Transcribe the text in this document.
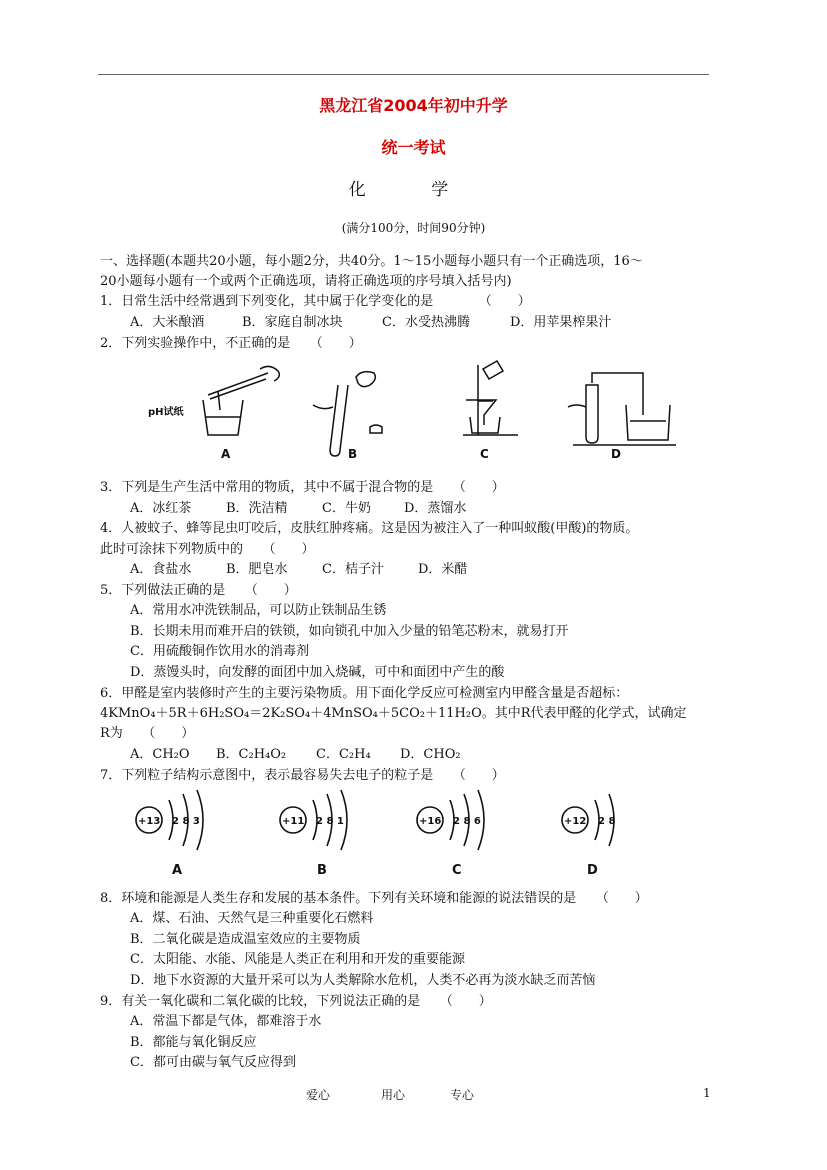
黑龙江省2004年初中升学
统一考试
化 学
(满分100分，时间90分钟)
一、选择题(本题共20小题，每小题2分，共40分。1～15小题每小题只有一个正确选项，16～
20小题每小题有一个或两个正确选项，请将正确选项的序号填入括号内)
1．日常生活中经常遇到下列变化，其中属于化学变化的是　　　　（　　）
A．大米酿酒	B．家庭自制冰块	C．水受热沸腾	D．用苹果榨果汁
2．下列实验操作中，不正确的是　　（　　）
pH试纸
A	B	C	D
3．下列是生产生活中常用的物质，其中不属于混合物的是　　（　　）
A．冰红茶	B．洗洁精	C．牛奶	D．蒸馏水
4．人被蚊子、蜂等昆虫叮咬后，皮肤红肿疼痛。这是因为被注入了一种叫蚁酸(甲酸)的物质。
此时可涂抹下列物质中的　　（　　）
A．食盐水	B．肥皂水	C．桔子汁	D．米醋
5．下列做法正确的是　　（　　）
A．常用水冲洗铁制品，可以防止铁制品生锈
B．长期未用而难开启的铁锁，如向锁孔中加入少量的铅笔芯粉末，就易打开
C．用硫酸铜作饮用水的消毒剂
D．蒸馒头时，向发酵的面团中加入烧碱，可中和面团中产生的酸
6．甲醛是室内装修时产生的主要污染物质。用下面化学反应可检测室内甲醛含量是否超标：
4KMnO₄＋5R＋6H₂SO₄＝2K₂SO₄＋4MnSO₄＋5CO₂＋11H₂O。其中R代表甲醛的化学式，试确定
R为　　（　　）
A．CH₂O B．C₂H₄O₂ C．C₂H₄ D．CHO₂
7．下列粒子结构示意图中，表示最容易失去电子的粒子是　　（　　）
+13 2 8 3	+11 2 8 1	+16 2 8 6	+12 2 8
A	B	C	D
8．环境和能源是人类生存和发展的基本条件。下列有关环境和能源的说法错误的是　　（　　）
A．煤、石油、天然气是三种重要化石燃料
B．二氧化碳是造成温室效应的主要物质
C．太阳能、水能、风能是人类正在利用和开发的重要能源
D．地下水资源的大量开采可以为人类解除水危机，人类不必再为淡水缺乏而苦恼
9．有关一氧化碳和二氧化碳的比较，下列说法正确的是　　（　　）
A．常温下都是气体，都难溶于水
B．都能与氧化铜反应
C．都可由碳与氧气反应得到
爱心	用心	专心	1
